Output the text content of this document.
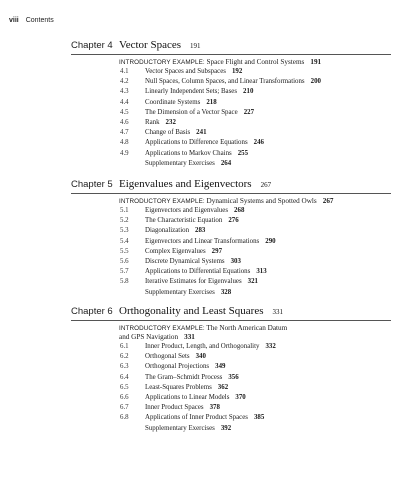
viii Contents
Chapter 4 Vector Spaces 191
INTRODUCTORY EXAMPLE: Space Flight and Control Systems 191
4.1 Vector Spaces and Subspaces 192
4.2 Null Spaces, Column Spaces, and Linear Transformations 200
4.3 Linearly Independent Sets; Bases 210
4.4 Coordinate Systems 218
4.5 The Dimension of a Vector Space 227
4.6 Rank 232
4.7 Change of Basis 241
4.8 Applications to Difference Equations 246
4.9 Applications to Markov Chains 255
Supplementary Exercises 264
Chapter 5 Eigenvalues and Eigenvectors 267
INTRODUCTORY EXAMPLE: Dynamical Systems and Spotted Owls 267
5.1 Eigenvectors and Eigenvalues 268
5.2 The Characteristic Equation 276
5.3 Diagonalization 283
5.4 Eigenvectors and Linear Transformations 290
5.5 Complex Eigenvalues 297
5.6 Discrete Dynamical Systems 303
5.7 Applications to Differential Equations 313
5.8 Iterative Estimates for Eigenvalues 321
Supplementary Exercises 328
Chapter 6 Orthogonality and Least Squares 331
INTRODUCTORY EXAMPLE: The North American Datum
and GPS Navigation 331
6.1 Inner Product, Length, and Orthogonality 332
6.2 Orthogonal Sets 340
6.3 Orthogonal Projections 349
6.4 The Gram–Schmidt Process 356
6.5 Least-Squares Problems 362
6.6 Applications to Linear Models 370
6.7 Inner Product Spaces 378
6.8 Applications of Inner Product Spaces 385
Supplementary Exercises 392
